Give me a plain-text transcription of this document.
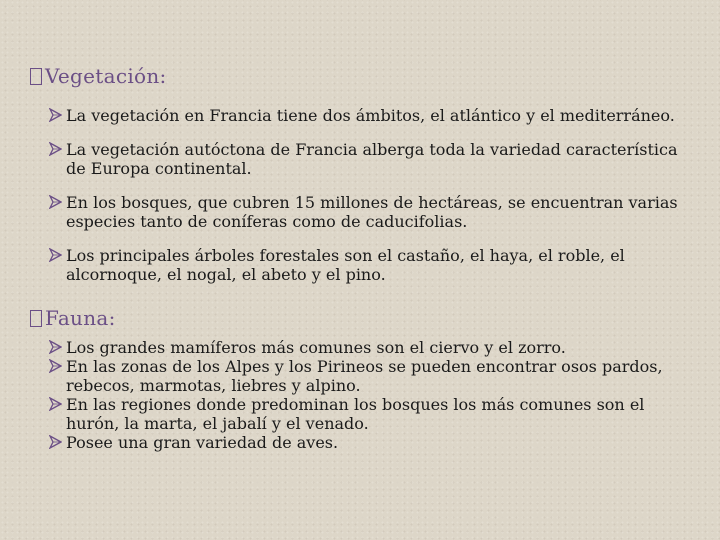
Vegetación:
La vegetación en Francia tiene dos ámbitos, el atlántico y el mediterráneo.
La vegetación autóctona de Francia alberga toda la variedad característica de Europa continental.
En los bosques, que cubren 15 millones de hectáreas, se encuentran varias especies tanto de coníferas como de caducifolias.
Los principales árboles forestales son el castaño, el haya, el roble, el alcornoque, el nogal, el abeto y el pino.
Fauna:
Los grandes mamíferos más comunes son el ciervo y el zorro.
En las zonas de los Alpes y los Pirineos se pueden encontrar osos pardos, rebecos, marmotas, liebres y alpino.
En las regiones donde predominan los bosques los más comunes son el hurón, la marta, el jabalí y el venado.
Posee una gran variedad de aves.
